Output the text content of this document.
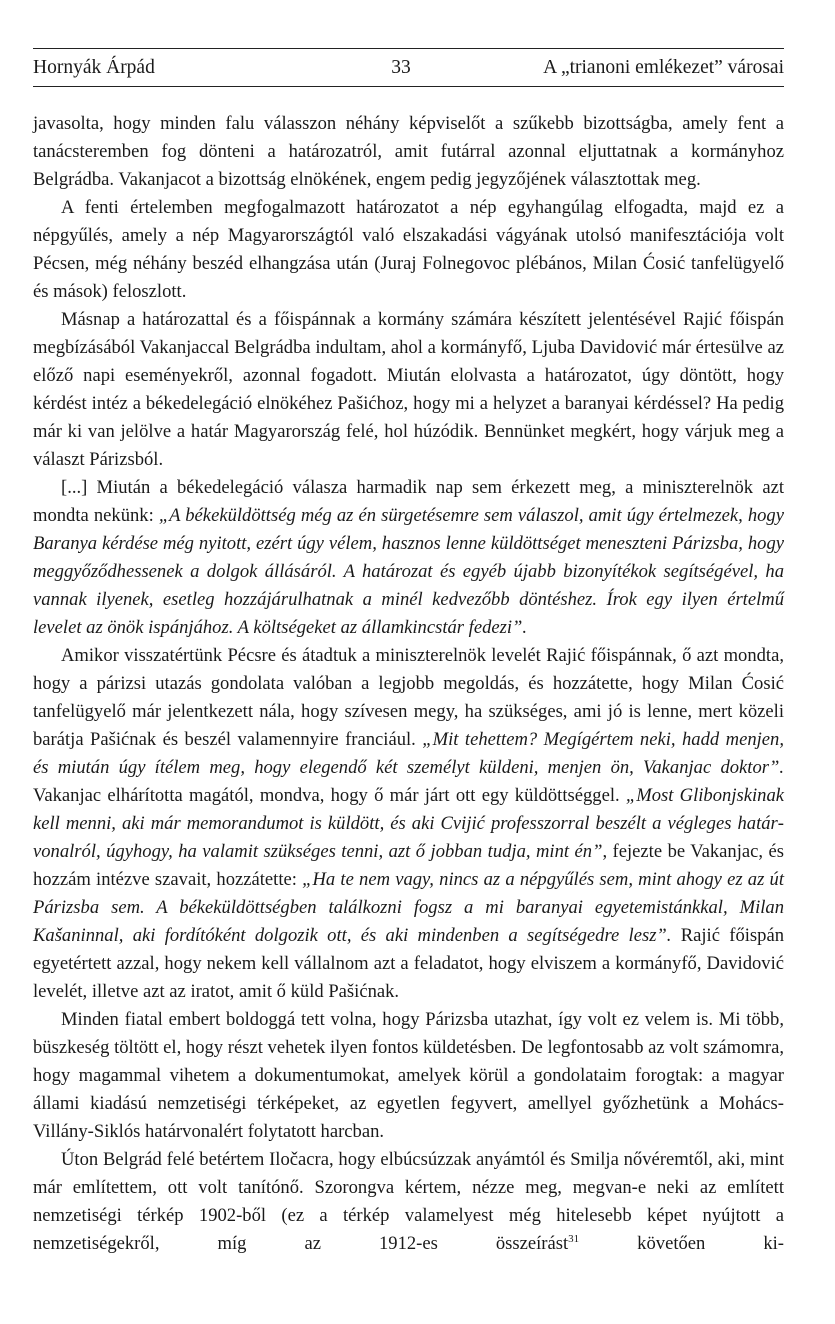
Hornyák Árpád	33	A „trianoni emlékezet” városai

javasolta, hogy minden falu válasszon néhány képviselőt a szűkebb bizottságba, amely fent a tanácsteremben fog dönteni a határozatról, amit futárral azonnal eljuttatnak a kormányhoz Belgrádba. Vakanjacot a bizottság elnökének, engem pedig jegyzőjének választottak meg.

A fenti értelemben megfogalmazott határozatot a nép egyhangúlag elfogadta, majd ez a népgyűlés, amely a nép Magyarországtól való elszakadási vágyának utolsó manifesztációja volt Pécsen, még néhány beszéd elhangzása után (Juraj Folnegovoc plébános, Milan Ćosić tanfelügyelő és mások) feloszlott.

Másnap a határozattal és a főispánnak a kormány számára készített jelentésével Rajić főispán megbízásából Vakanjaccal Belgrádba indultam, ahol a kormányfő, Ljuba Davidović már értesülve az előző napi eseményekről, azonnal fogadott. Miután elolvasta a határozatot, úgy döntött, hogy kérdést intéz a békedelegáció elnökéhez Pašićhoz, hogy mi a helyzet a baranyai kérdéssel? Ha pedig már ki van jelölve a határ Magyarország felé, hol húzódik. Bennünket megkért, hogy várjuk meg a választ Párizsból.

[...] Miután a békedelegáció válasza harmadik nap sem érkezett meg, a miniszterelnök azt mondta nekünk: „A békeküldöttség még az én sürgetésemre sem válaszol, amit úgy értelmezek, hogy Baranya kérdése még nyitott, ezért úgy vélem, hasznos lenne küldöttséget meneszteni Párizsba, hogy meggyőződhessenek a dolgok állásáról. A határozat és egyéb újabb bizonyítékok segítségével, ha vannak ilyenek, esetleg hozzájárulhatnak a minél kedvezőbb döntéshez. Írok egy ilyen értelmű levelet az önök ispánjához. A költségeket az államkincstár fedezi”.

Amikor visszatértünk Pécsre és átadtuk a miniszterelnök levelét Rajić főispánnak, ő azt mondta, hogy a párizsi utazás gondolata valóban a legjobb megoldás, és hozzátette, hogy Milan Ćosić tanfelügyelő már jelentkezett nála, hogy szívesen megy, ha szükséges, ami jó is lenne, mert közeli barátja Pašićnak és beszél valamennyire franciául. „Mit tehettem? Megígértem neki, hadd menjen, és miután úgy ítélem meg, hogy elegendő két személyt küldeni, menjen ön, Vakanjac doktor”. Vakanjac elhárította magától, mondva, hogy ő már járt ott egy küldöttséggel. „Most Glibonjskinak kell menni, aki már memorandumot is küldött, és aki Cvijić professzorral beszélt a végleges határvonalról, úgyhogy, ha valamit szükséges tenni, azt ő jobban tudja, mint én”, fejezte be Vakanjac, és hozzám intézve szavait, hozzátette: „Ha te nem vagy, nincs az a népgyűlés sem, mint ahogy ez az út Párizsba sem. A békeküldöttségben találkozni fogsz a mi baranyai egyetemistánkkal, Milan Kašaninnal, aki fordítóként dolgozik ott, és aki mindenben a segítségedre lesz”. Rajić főispán egyetértett azzal, hogy nekem kell vállalnom azt a feladatot, hogy elviszem a kormányfő, Davidović levelét, illetve azt az iratot, amit ő küld Pašićnak.

Minden fiatal embert boldoggá tett volna, hogy Párizsba utazhat, így volt ez velem is. Mi több, büszkeség töltött el, hogy részt vehetek ilyen fontos küldetésben. De legfontosabb az volt számomra, hogy magammal vihetem a dokumentumokat, amelyek körül a gondolataim forogtak: a magyar állami kiadású nemzetiségi térképeket, az egyetlen fegyvert, amellyel győzhetünk a Mohács-Villány-Siklós határvonalért folytatott harcban.

Úton Belgrád felé betértem Iločacra, hogy elbúcsúzzak anyámtól és Smilja nővéremtől, aki, mint már említettem, ott volt tanítónő. Szorongva kértem, nézze meg, megvan-e neki az említett nemzetiségi térkép 1902-ből (ez a térkép valamelyest még hitelesebb képet nyújtott a nemzetiségekről, míg az 1912-es összeírást$^{31}$ követően ki-
